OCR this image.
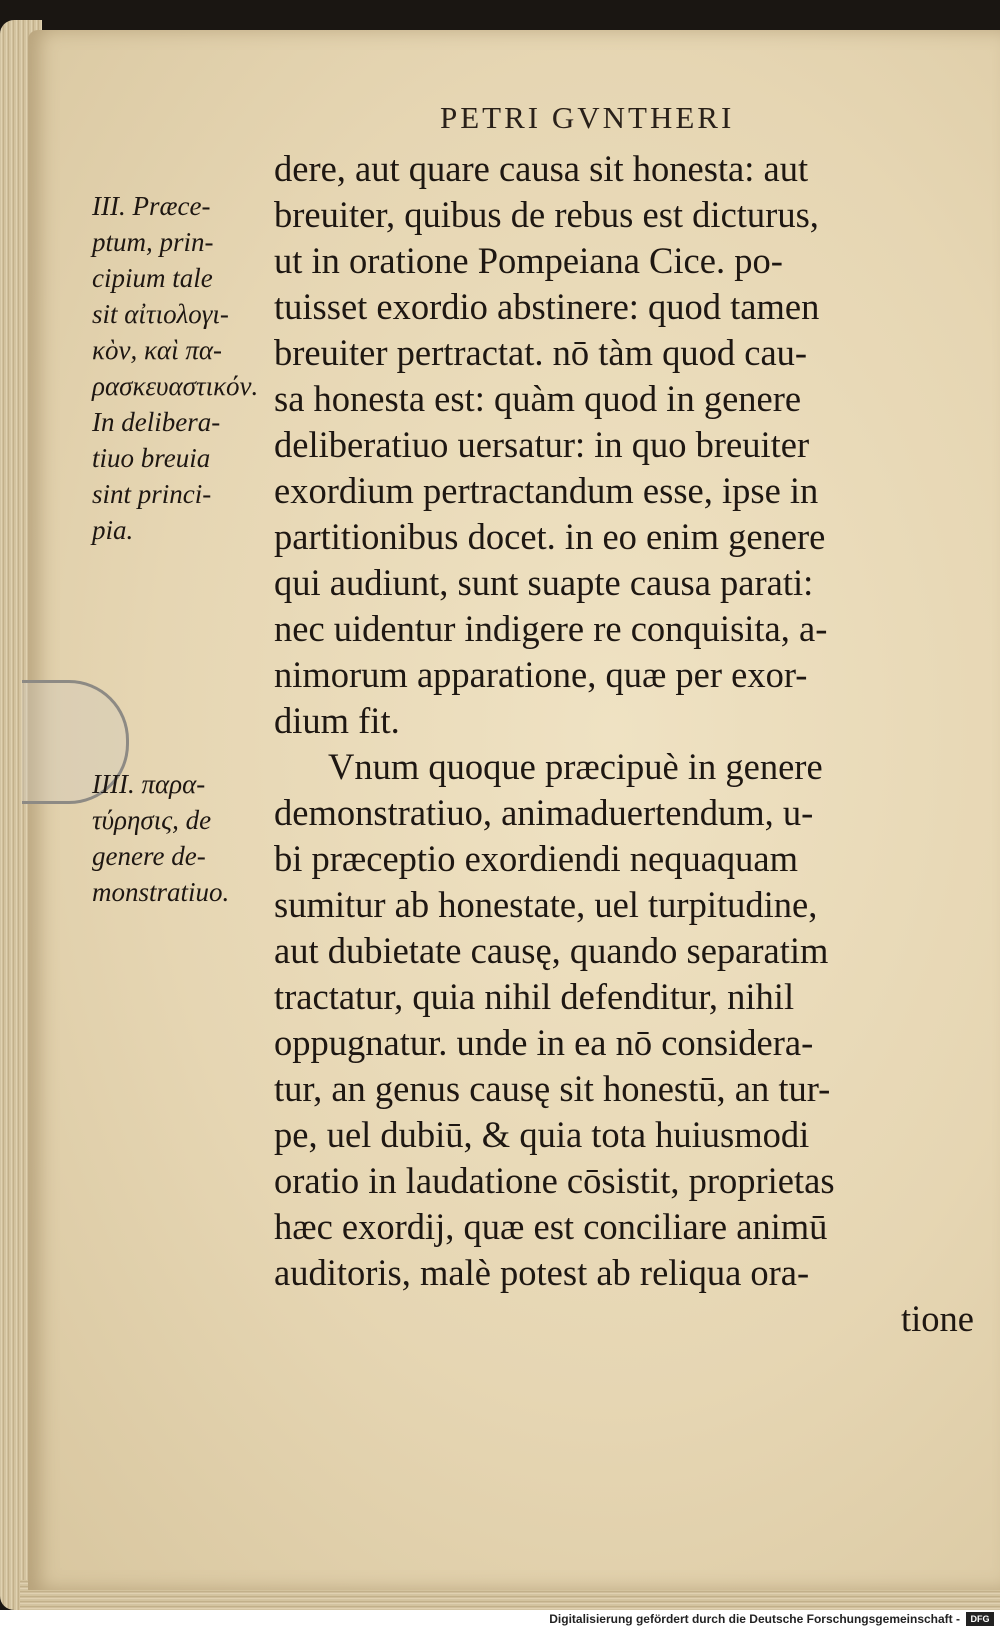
PETRI GVNTHERI
dere, aut quare causa sit honesta: aut
breuiter, quibus de rebus est dicturus,
ut in oratione Pompeiana Cice. po-
tuisset exordio abstinere: quod tamen
breuiter pertractat. nō tàm quod cau-
sa honesta est: quàm quod in genere
deliberatiuo uersatur: in quo breuiter
exordium pertractandum esse, ipse in
partitionibus docet. in eo enim genere
qui audiunt, sunt suapte causa parati:
nec uidentur indigere re conquisita, a-
nimorum apparatione, quæ per exor-
dium fit.
Vnum quoque præcipuè in genere
demonstratiuo, animaduertendum, u-
bi præceptio exordiendi nequaquam
sumitur ab honestate, uel turpitudine,
aut dubietate causę, quando separatim
tractatur, quia nihil defenditur, nihil
oppugnatur. unde in ea nō considera-
tur, an genus causę sit honestū, an tur-
pe, uel dubiū, & quia tota huiusmodi
oratio in laudatione cōsistit, proprietas
hæc exordij, quæ est conciliare animū
auditoris, malè potest ab reliqua ora-
tione
III. Præce-
ptum, prin-
cipium tale
sit αἰτιολογι-
κὸν, καὶ πα-
ρασκευαστικόν.
In delibera-
tiuo breuia
sint princi-
pia.
IIII. παρα-
τύρησις, de
genere de-
monstratiuo.
Digitalisierung gefördert durch die Deutsche Forschungsgemeinschaft -	DFG
